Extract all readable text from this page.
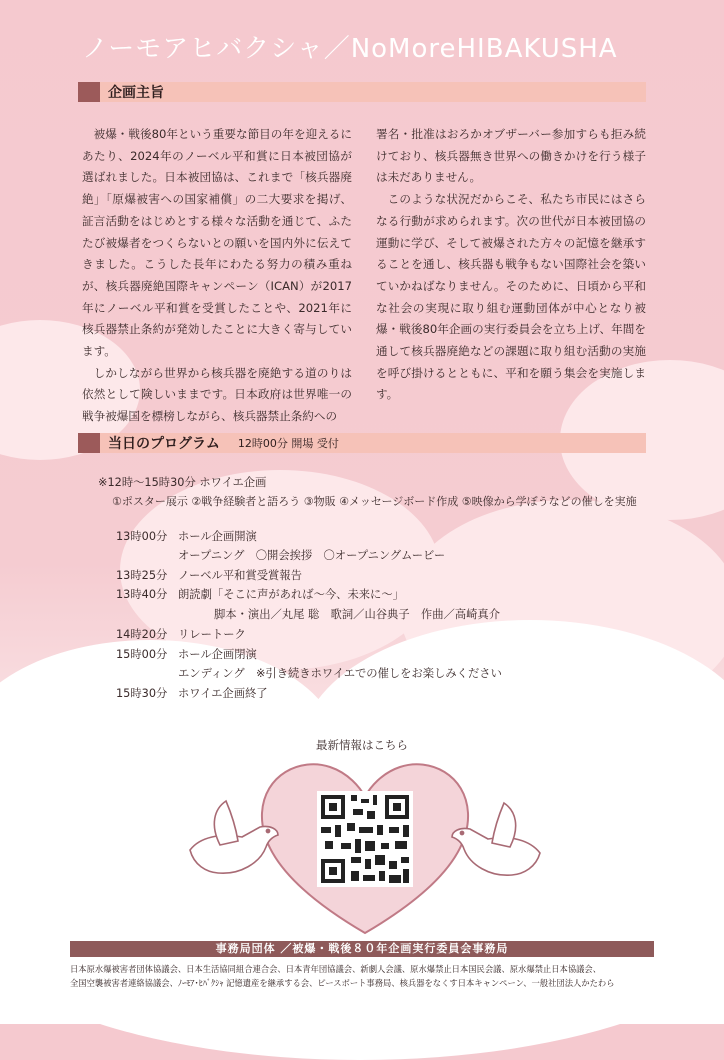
ノーモアヒバクシャ／NoMoreHIBAKUSHA
企画主旨

被爆・戦後80年という重要な節目の年を迎えるにあたり、2024年のノーベル平和賞に日本被団協が選ばれました。日本被団協は、これまで「核兵器廃絶」「原爆被害への国家補償」の二大要求を掲げ、証言活動をはじめとする様々な活動を通じて、ふたたび被爆者をつくらないとの願いを国内外に伝えてきました。こうした長年にわたる努力の積み重ねが、核兵器廃絶国際キャンペーン（ICAN）が2017年にノーベル平和賞を受賞したことや、2021年に核兵器禁止条約が発効したことに大きく寄与しています。

しかしながら世界から核兵器を廃絶する道のりは依然として険しいままです。日本政府は世界唯一の戦争被爆国を標榜しながら、核兵器禁止条約への

署名・批准はおろかオブザーバー参加すらも拒み続けており、核兵器無き世界への働きかけを行う様子は未だありません。

このような状況だからこそ、私たち市民にはさらなる行動が求められます。次の世代が日本被団協の運動に学び、そして被爆された方々の記憶を継承することを通し、核兵器も戦争もない国際社会を築いていかねばなりません。そのために、日頃から平和な社会の実現に取り組む運動団体が中心となり被爆・戦後80年企画の実行委員会を立ち上げ、年間を通して核兵器廃絶などの課題に取り組む活動の実施を呼び掛けるとともに、平和を願う集会を実施します。

当日のプログラム 12時00分 開場 受付
※12時～15時30分 ホワイエ企画
①ポスター展示 ②戦争経験者と語ろう ③物販 ④メッセージボード作成 ⑤映像から学ぼうなどの催しを実施
13時00分 ホール企画開演
オープニング　〇開会挨拶　〇オープニングムービー
13時25分 ノーベル平和賞受賞報告
13時40分 朗読劇「そこに声があれば～今、未来に～」
脚本・演出／丸尾 聡　歌詞／山谷典子　作曲／高崎真介
14時20分 リレートーク
15時00分 ホール企画閉演
エンディング　※引き続きホワイエでの催しをお楽しみください
15時30分 ホワイエ企画終了
最新情報はこちら
事務局団体 ／被爆・戦後８０年企画実行委員会事務局
日本原水爆被害者団体協議会、日本生活協同組合連合会、日本青年団協議会、新劇人会議、原水爆禁止日本国民会議、原水爆禁止日本協議会、
全国空襲被害者連絡協議会、ﾉｰﾓｱ･ﾋﾊﾞｸｼｬ 記憶遺産を継承する会、ピースボート事務局、核兵器をなくす日本キャンペーン、一般社団法人かたわら
